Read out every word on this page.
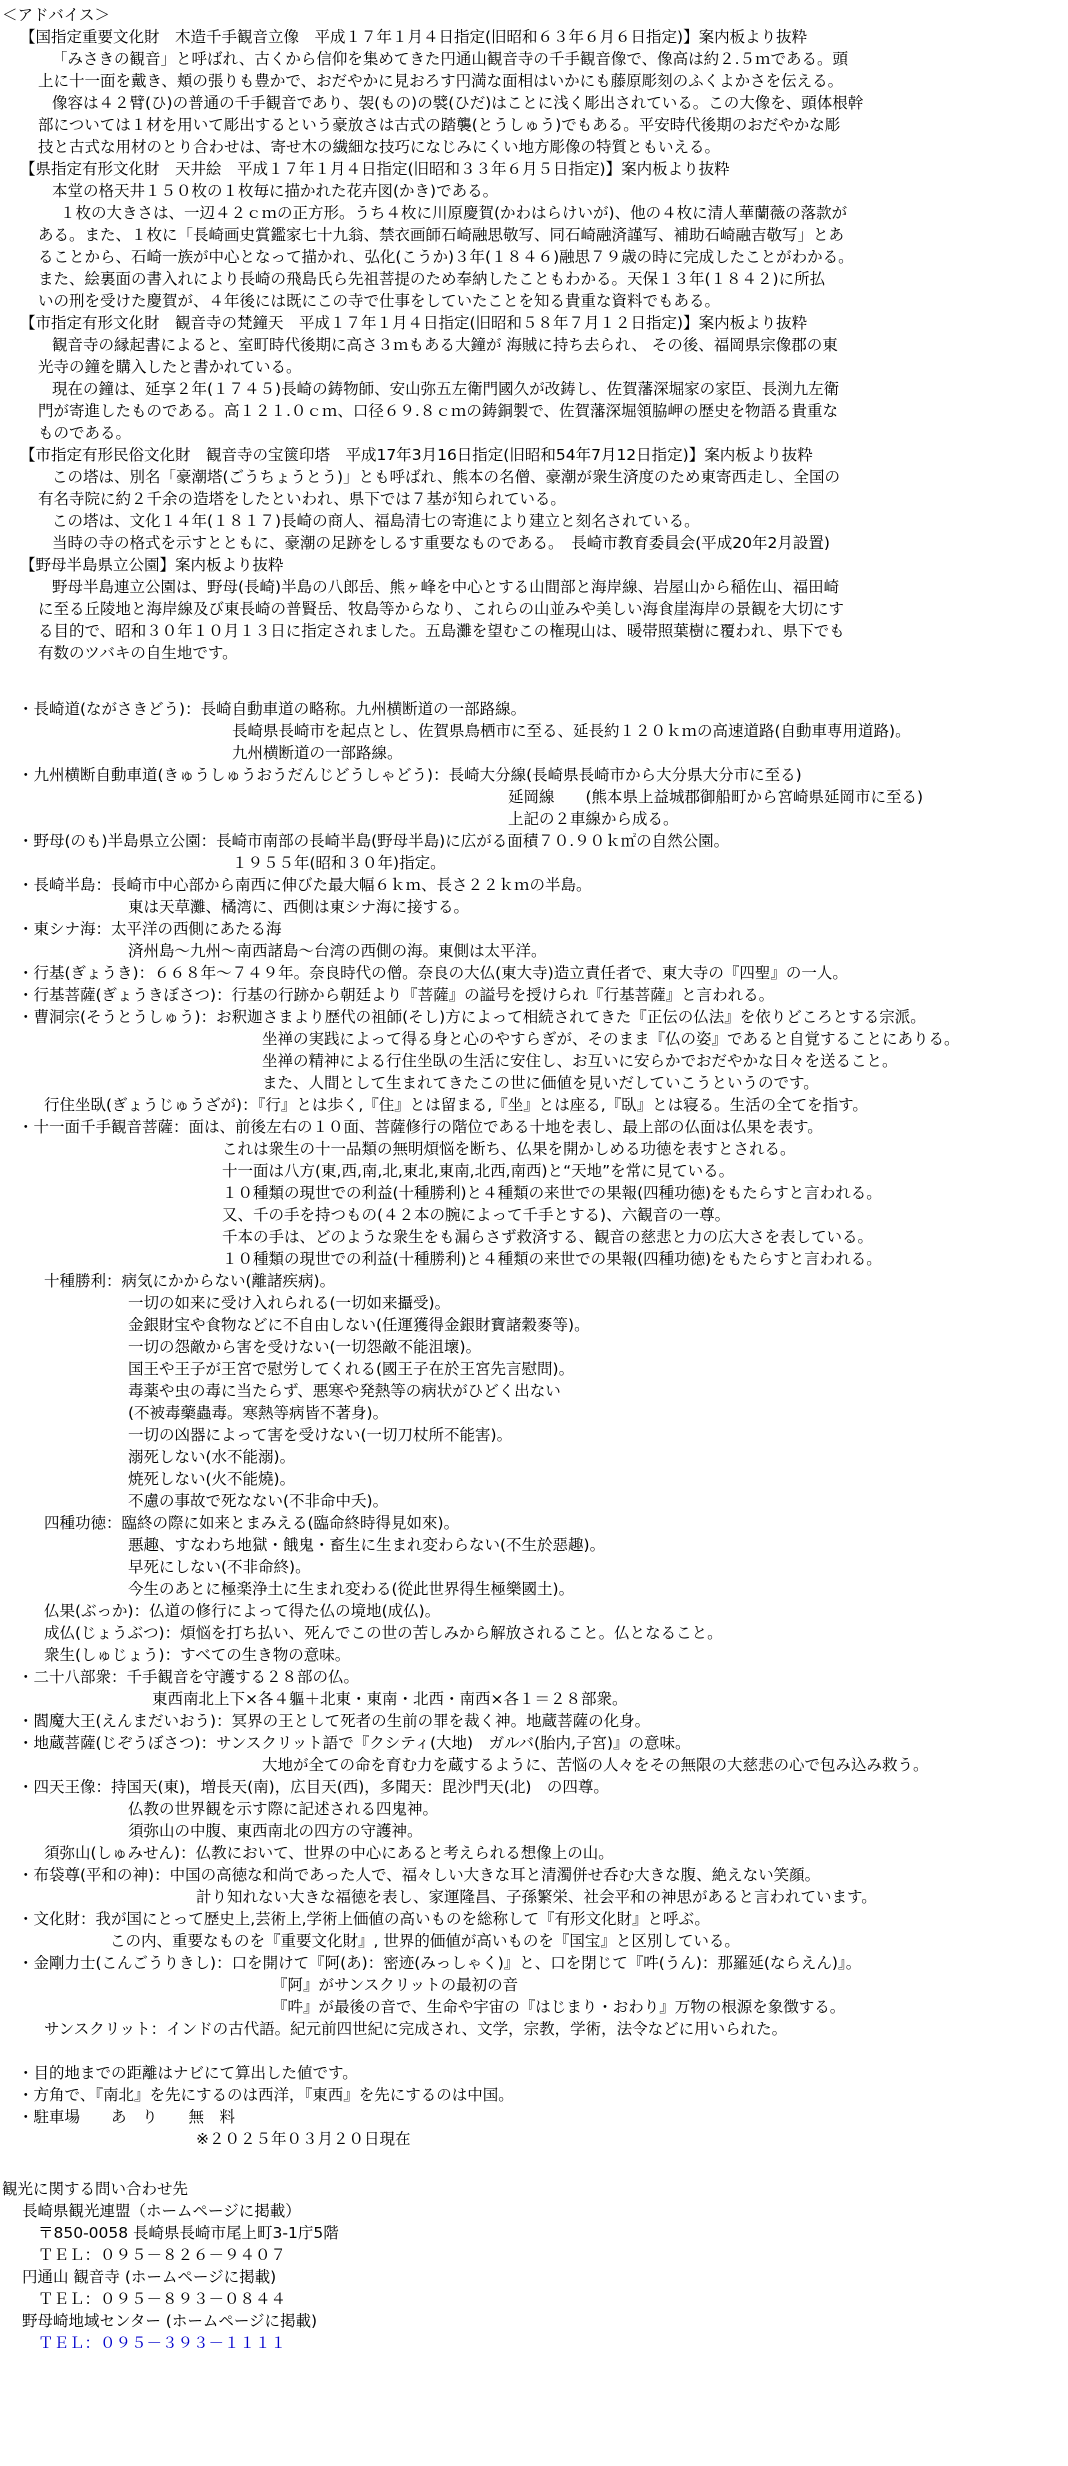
＜アドバイス＞

【国指定重要文化財　木造千手観音立像　平成１７年１月４日指定(旧昭和６３年６月６日指定)】案内板より抜粋

「みさきの観音」と呼ばれ、古くから信仰を集めてきた円通山観音寺の千手観音像で、像高は約２.５ｍである。頭

上に十一面を戴き、頬の張りも豊かで、おだやかに見おろす円満な面相はいかにも藤原彫刻のふくよかさを伝える。

像容は４２臂(ひ)の普通の千手観音であり、袈(もの)の襞(ひだ)はことに浅く彫出されている。この大像を、頭体根幹

部については１材を用いて彫出するという豪放さは古式の踏襲(とうしゅう)でもある。平安時代後期のおだやかな彫

技と古式な用材のとり合わせは、寄せ木の繊細な技巧になじみにくい地方彫像の特質ともいえる。

【県指定有形文化財　天井絵　平成１７年１月４日指定(旧昭和３３年６月５日指定)】案内板より抜粋

本堂の格天井１５０枚の１枚毎に描かれた花卉図(かき)である。

１枚の大きさは、一辺４２ｃｍの正方形。うち４枚に川原慶賀(かわはらけいが)、他の４枚に清人華蘭薇の落款が

ある。また、１枚に「長崎画史賞鑑家七十九翁、禁衣画師石崎融思敬写、同石崎融済謹写、補助石崎融吉敬写」とあ

ることから、石崎一族が中心となって描かれ、弘化(こうか)３年(１８４６)融思７９歳の時に完成したことがわかる。

また、絵裏面の書入れにより長崎の飛島氏ら先祖菩提のため奉納したこともわかる。天保１３年(１８４２)に所払

いの刑を受けた慶賀が、４年後には既にこの寺で仕事をしていたことを知る貴重な資料でもある。

【市指定有形文化財　観音寺の梵鐘天　平成１７年１月４日指定(旧昭和５８年７月１２日指定)】案内板より抜粋

観音寺の縁起書によると、室町時代後期に高さ３ｍもある大鐘が 海賊に持ち去られ、 その後、福岡県宗像郡の東

光寺の鐘を購入したと書かれている。

現在の鐘は、延享２年(１７４５)長崎の鋳物師、安山弥五左衛門國久が改鋳し、佐賀藩深堀家の家臣、長渕九左衛

門が寄進したものである。高１２１.０ｃｍ、口径６９.８ｃｍの鋳銅製で、佐賀藩深堀領脇岬の歴史を物語る貴重な

ものである。

【市指定有形民俗文化財　観音寺の宝篋印塔　平成17年3月16日指定(旧昭和54年7月12日指定)】案内板より抜粋

この塔は、別名「豪潮塔(ごうちょうとう)」とも呼ばれ、熊本の名僧、豪潮が衆生済度のため東寄西走し、全国の

有名寺院に約２千余の造塔をしたといわれ、県下では７基が知られている。

この塔は、文化１４年(１８１７)長崎の商人、福島清七の寄進により建立と刻名されている。

当時の寺の格式を示すとともに、豪潮の足跡をしるす重要なものである。　長崎市教育委員会(平成20年2月設置)

【野母半島県立公園】案内板より抜粋

野母半島連立公園は、野母(長崎)半島の八郎岳、熊ヶ峰を中心とする山間部と海岸線、岩屋山から稲佐山、福田崎

に至る丘陵地と海岸線及び東長崎の普賢岳、牧島等からなり、これらの山並みや美しい海食崖海岸の景観を大切にす

る目的で、昭和３０年１０月１３日に指定されました。五島灘を望むこの権現山は、暖帯照葉樹に覆われ、県下でも

有数のツバキの自生地です。

・長崎道(ながさきどう)：長崎自動車道の略称。九州横断道の一部路線。

長崎県長崎市を起点とし、佐賀県鳥栖市に至る、延長約１２０ｋｍの高速道路(自動車専用道路)。

九州横断道の一部路線。

・九州横断自動車道(きゅうしゅうおうだんじどうしゃどう)：長崎大分線(長崎県長崎市から大分県大分市に至る)

延岡線　　(熊本県上益城郡御船町から宮崎県延岡市に至る)

上記の２車線から成る。

・野母(のも)半島県立公園：長崎市南部の長崎半島(野母半島)に広がる面積７０.９０ｋ㎡の自然公園。

１９５５年(昭和３０年)指定。

・長崎半島：長崎市中心部から南西に伸びた最大幅６ｋｍ、長さ２２ｋｍの半島。

東は天草灘、橘湾に、西側は東シナ海に接する。

・東シナ海：太平洋の西側にあたる海

済州島～九州～南西諸島～台湾の西側の海。東側は太平洋。

・行基(ぎょうき)：６６８年～７４９年。奈良時代の僧。奈良の大仏(東大寺)造立責任者で、東大寺の『四聖』の一人。

・行基菩薩(ぎょうきぼさつ)：行基の行跡から朝廷より『菩薩』の謚号を授けられ『行基菩薩』と言われる。

・曹洞宗(そうとうしゅう)：お釈迦さまより歴代の祖師(そし)方によって相続されてきた『正伝の仏法』を依りどころとする宗派。

坐禅の実践によって得る身と心のやすらぎが、そのまま『仏の姿』であると自覚することにありる。

坐禅の精神による行住坐臥の生活に安住し、お互いに安らかでおだやかな日々を送ること。

また、人間として生まれてきたこの世に価値を見いだしていこうというのです。

行住坐臥(ぎょうじゅうざが)：『行』とは歩く,『住』とは留まる,『坐』とは座る,『臥』とは寝る。生活の全てを指す。

・十一面千手観音菩薩：面は、前後左右の１０面、菩薩修行の階位である十地を表し、最上部の仏面は仏果を表す。

これは衆生の十一品類の無明煩悩を断ち、仏果を開かしめる功徳を表すとされる。

十一面は八方(東,西,南,北,東北,東南,北西,南西)と“天地”を常に見ている。

１０種類の現世での利益(十種勝利)と４種類の来世での果報(四種功徳)をもたらすと言われる。

又、千の手を持つもの(４２本の腕によって千手とする)、六観音の一尊。

千本の手は、どのような衆生をも漏らさず救済する、観音の慈悲と力の広大さを表している。

１０種類の現世での利益(十種勝利)と４種類の来世での果報(四種功徳)をもたらすと言われる。

十種勝利：病気にかからない(離諸疾病)。

一切の如来に受け入れられる(一切如来攝受)。

金銀財宝や食物などに不自由しない(任運獲得金銀財寶諸穀麥等)。

一切の怨敵から害を受けない(一切怨敵不能沮壞)。

国王や王子が王宮で慰労してくれる(國王子在於王宮先言慰問)。

毒薬や虫の毒に当たらず、悪寒や発熱等の病状がひどく出ない

(不被毒藥蟲毒。寒熱等病皆不著身)。

一切の凶器によって害を受けない(一切刀杖所不能害)。

溺死しない(水不能溺)。

焼死しない(火不能燒)。

不慮の事故で死なない(不非命中夭)。

四種功徳：臨終の際に如来とまみえる(臨命終時得見如來)。

悪趣、すなわち地獄・餓鬼・畜生に生まれ変わらない(不生於惡趣)。

早死にしない(不非命終)。

今生のあとに極楽浄土に生まれ変わる(從此世界得生極樂國土)。

仏果(ぶっか)：仏道の修行によって得た仏の境地(成仏)。

成仏(じょうぶつ)：煩悩を打ち払い、死んでこの世の苦しみから解放されること。仏となること。

衆生(しゅじょう)：すべての生き物の意味。

・二十八部衆：千手観音を守護する２８部の仏。

東西南北上下×各４軀＋北東・東南・北西・南西×各１＝２８部衆。

・閻魔大王(えんまだいおう)：冥界の王として死者の生前の罪を裁く神。地蔵菩薩の化身。

・地蔵菩薩(じぞうぼさつ)：サンスクリット語で『クシティ(大地)　ガルバ(胎内,子宮)』の意味。

大地が全ての命を育む力を蔵するように、苦悩の人々をその無限の大慈悲の心で包み込み救う。

・四天王像：持国天(東)，増長天(南)，広目天(西)，多聞天：毘沙門天(北)　の四尊。

仏教の世界観を示す際に記述される四鬼神。

須弥山の中腹、東西南北の四方の守護神。

須弥山(しゅみせん)：仏教において、世界の中心にあると考えられる想像上の山。

・布袋尊(平和の神)：中国の高徳な和尚であった人で、福々しい大きな耳と清濁併せ呑む大きな腹、絶えない笑顔。

計り知れない大きな福徳を表し、家運隆昌、子孫繁栄、社会平和の神思があると言われています。

・文化財：我が国にとって歴史上,芸術上,学術上価値の高いものを総称して『有形文化財』と呼ぶ。

この内、重要なものを『重要文化財』, 世界的価値が高いものを『国宝』と区別している。

・金剛力士(こんごうりきし)：口を開けて『阿(あ)：密迹(みっしゃく)』と、口を閉じて『吽(うん)：那羅延(ならえん)』。

『阿』がサンスクリットの最初の音

『吽』が最後の音で、生命や宇宙の『はじまり・おわり』万物の根源を象徴する。

サンスクリット：インドの古代語。紀元前四世紀に完成され、文学，宗教，学術，法令などに用いられた。

・目的地までの距離はナビにて算出した値です。

・方角で、『南北』を先にするのは西洋，『東西』を先にするのは中国。

・駐車場　　あ　り　　無　料

※２０２５年０３月２０日現在

観光に関する問い合わせ先

長崎県観光連盟（ホームページに掲載）

〒850-0058 長崎県長崎市尾上町3-1庁5階

ＴＥＬ：０９５－８２６－９４０７

円通山 観音寺 (ホームページに掲載)

ＴＥＬ：０９５－８９３－０８４４

野母崎地域センター (ホームページに掲載)

ＴＥＬ：０９５－３９３－１１１１
